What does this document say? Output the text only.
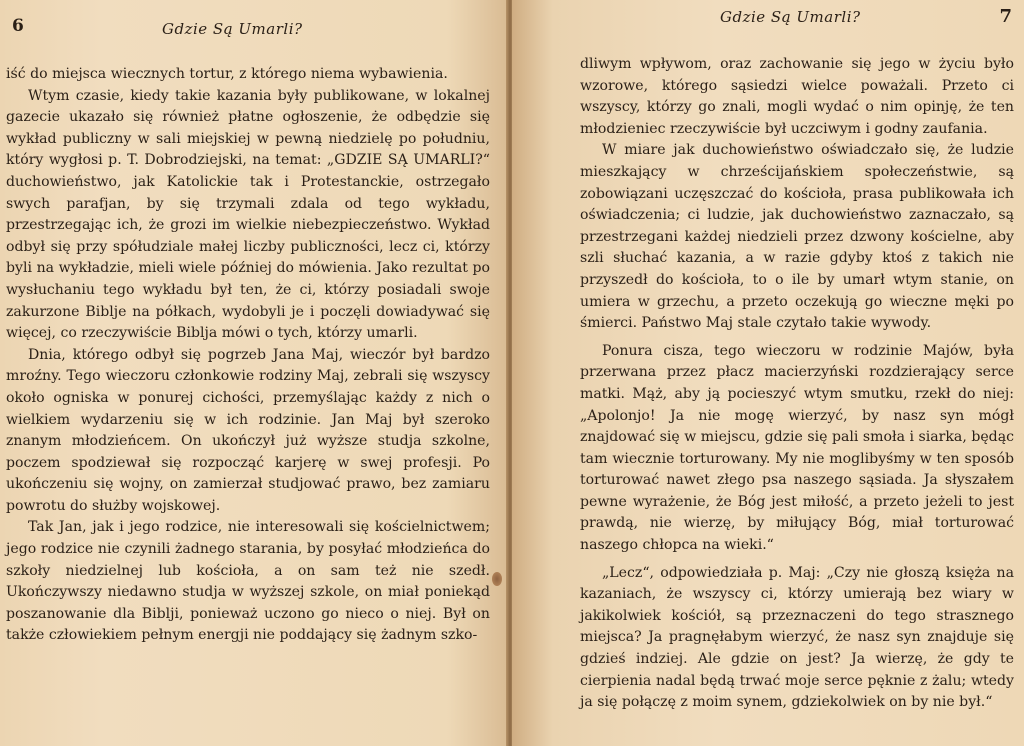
6	Gdzie Są Umarli?

iść do miejsca wiecznych tortur, z którego niema wybawienia.

Wtym czasie, kiedy takie kazania były publikowane, w lokalnej gazecie ukazało się również płatne ogłoszenie, że odbędzie się wykład publiczny w sali miejskiej w pewną niedzielę po południu, który wygłosi p. T. Dobrodziejski, na temat: „GDZIE SĄ UMARLI?“ duchowieństwo, jak Katolickie tak i Protestanckie, ostrzegało swych parafjan, by się trzymali zdala od tego wykładu, przestrzegając ich, że grozi im wielkie niebezpieczeństwo. Wykład odbył się przy spółudziale małej liczby publiczności, lecz ci, którzy byli na wykładzie, mieli wiele później do mówienia. Jako rezultat po wysłuchaniu tego wykładu był ten, że ci, którzy posiadali swoje zakurzone Biblje na półkach, wydobyli je i poczęli dowiadywać się więcej, co rzeczywiście Biblja mówi o tych, którzy umarli.

Dnia, którego odbył się pogrzeb Jana Maj, wieczór był bardzo mroźny. Tego wieczoru członkowie rodziny Maj, zebrali się wszyscy około ogniska w ponurej cichości, przemyślając każdy z nich o wielkiem wydarzeniu się w ich rodzinie. Jan Maj był szeroko znanym młodzieńcem. On ukończył już wyższe studja szkolne, poczem spodziewał się rozpocząć karjerę w swej profesji. Po ukończeniu się wojny, on zamierzał studjować prawo, bez zamiaru powrotu do służby wojskowej.

Tak Jan, jak i jego rodzice, nie interesowali się kościelnictwem; jego rodzice nie czynili żadnego starania, by posyłać młodzieńca do szkoły niedzielnej lub kościoła, a on sam też nie szedł. Ukończywszy niedawno studja w wyższej szkole, on miał poniekąd poszanowanie dla Biblji, ponieważ uczono go nieco o niej. Był on także człowiekiem pełnym energji nie poddający się żadnym szko-

Gdzie Są Umarli?	7

dliwym wpływom, oraz zachowanie się jego w życiu było wzorowe, którego sąsiedzi wielce poważali. Przeto ci wszyscy, którzy go znali, mogli wydać o nim opinję, że ten młodzieniec rzeczywiście był uczciwym i godny zaufania.

W miare jak duchowieństwo oświadczało się, że ludzie mieszkający w chrześcijańskiem społeczeństwie, są zobowiązani uczęszczać do kościoła, prasa publikowała ich oświadczenia; ci ludzie, jak duchowieństwo zaznaczało, są przestrzegani każdej niedzieli przez dzwony kościelne, aby szli słuchać kazania, a w razie gdyby ktoś z takich nie przyszedł do kościoła, to o ile by umarł wtym stanie, on umiera w grzechu, a przeto oczekują go wieczne męki po śmierci. Państwo Maj stale czytało takie wywody.

Ponura cisza, tego wieczoru w rodzinie Majów, była przerwana przez płacz macierzyński rozdzierający serce matki. Mąż, aby ją pocieszyć wtym smutku, rzekł do niej: „Apolonjo! Ja nie mogę wierzyć, by nasz syn mógł znajdować się w miejscu, gdzie się pali smoła i siarka, będąc tam wiecznie torturowany. My nie moglibyśmy w ten sposób torturować nawet złego psa naszego sąsiada. Ja słyszałem pewne wyrażenie, że Bóg jest miłość, a przeto jeżeli to jest prawdą, nie wierzę, by miłujący Bóg, miał torturować naszego chłopca na wieki.“

„Lecz“, odpowiedziała p. Maj: „Czy nie głoszą księża na kazaniach, że wszyscy ci, którzy umierają bez wiary w jakikolwiek kościół, są przeznaczeni do tego strasznego miejsca? Ja pragnęłabym wierzyć, że nasz syn znajduje się gdzieś indziej. Ale gdzie on jest? Ja wierzę, że gdy te cierpienia nadal będą trwać moje serce pęknie z żalu; wtedy ja się połączę z moim synem, gdziekolwiek on by nie był.“
